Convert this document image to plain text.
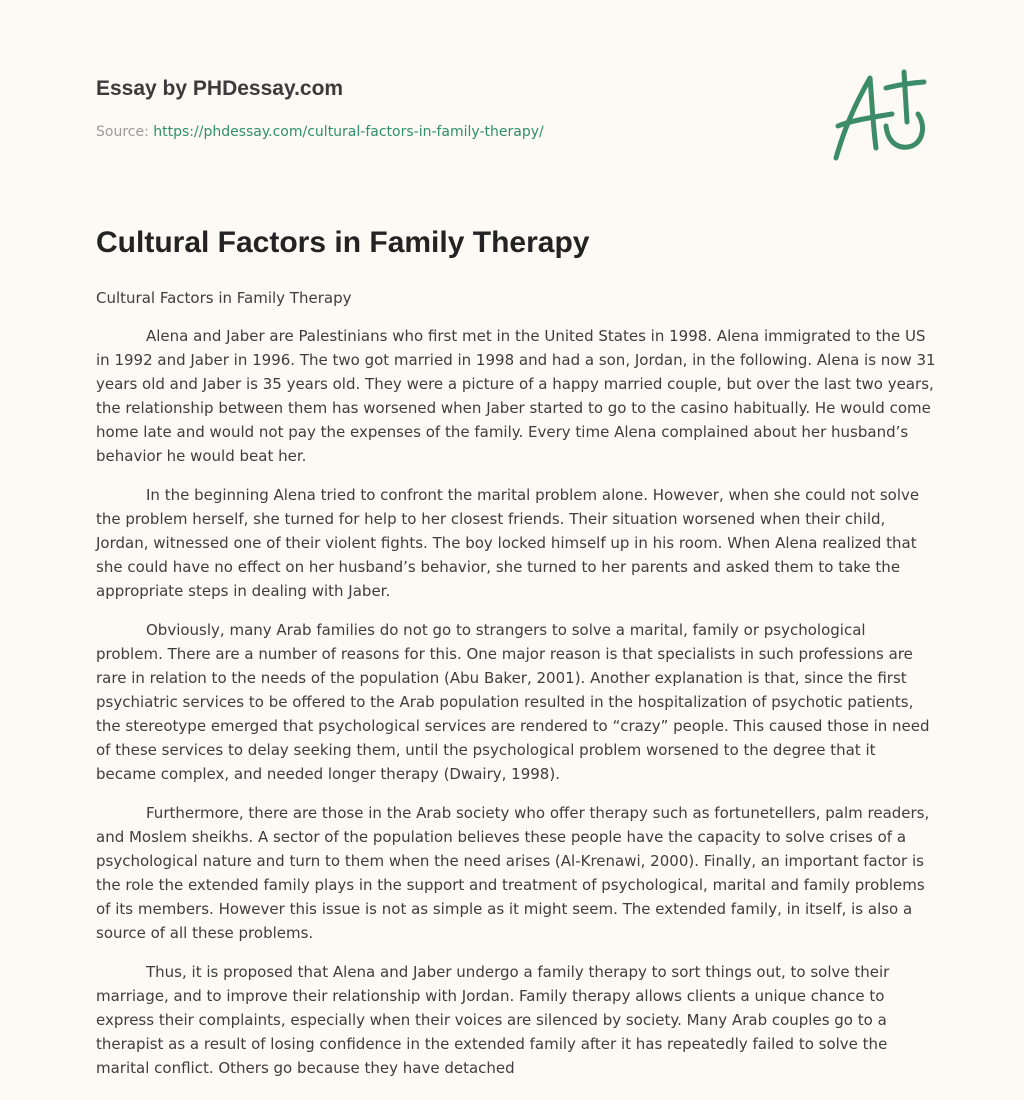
Essay by PHDessay.com
Source: https://phdessay.com/cultural-factors-in-family-therapy/
Cultural Factors in Family Therapy

Cultural Factors in Family Therapy

Alena and Jaber are Palestinians who first met in the United States in 1998. Alena immigrated to the US in 1992 and Jaber in 1996. The two got married in 1998 and had a son, Jordan, in the following. Alena is now 31 years old and Jaber is 35 years old. They were a picture of a happy married couple, but over the last two years, the relationship between them has worsened when Jaber started to go to the casino habitually. He would come home late and would not pay the expenses of the family. Every time Alena complained about her husband’s behavior he would beat her.

In the beginning Alena tried to confront the marital problem alone. However, when she could not solve the problem herself, she turned for help to her closest friends. Their situation worsened when their child, Jordan, witnessed one of their violent fights. The boy locked himself up in his room. When Alena realized that she could have no effect on her husband’s behavior, she turned to her parents and asked them to take the appropriate steps in dealing with Jaber.

Obviously, many Arab families do not go to strangers to solve a marital, family or psychological problem. There are a number of reasons for this. One major reason is that specialists in such professions are rare in relation to the needs of the population (Abu Baker, 2001). Another explanation is that, since the first psychiatric services to be offered to the Arab population resulted in the hospitalization of psychotic patients, the stereotype emerged that psychological services are rendered to “crazy” people. This caused those in need of these services to delay seeking them, until the psychological problem worsened to the degree that it became complex, and needed longer therapy (Dwairy, 1998).

Furthermore, there are those in the Arab society who offer therapy such as fortunetellers, palm readers, and Moslem sheikhs. A sector of the population believes these people have the capacity to solve crises of a psychological nature and turn to them when the need arises (Al-Krenawi, 2000). Finally, an important factor is the role the extended family plays in the support and treatment of psychological, marital and family problems of its members. However this issue is not as simple as it might seem. The extended family, in itself, is also a source of all these problems.

Thus, it is proposed that Alena and Jaber undergo a family therapy to sort things out, to solve their marriage, and to improve their relationship with Jordan. Family therapy allows clients a unique chance to express their complaints, especially when their voices are silenced by society. Many Arab couples go to a therapist as a result of losing confidence in the extended family after it has repeatedly failed to solve the marital conflict. Others go because they have detached
